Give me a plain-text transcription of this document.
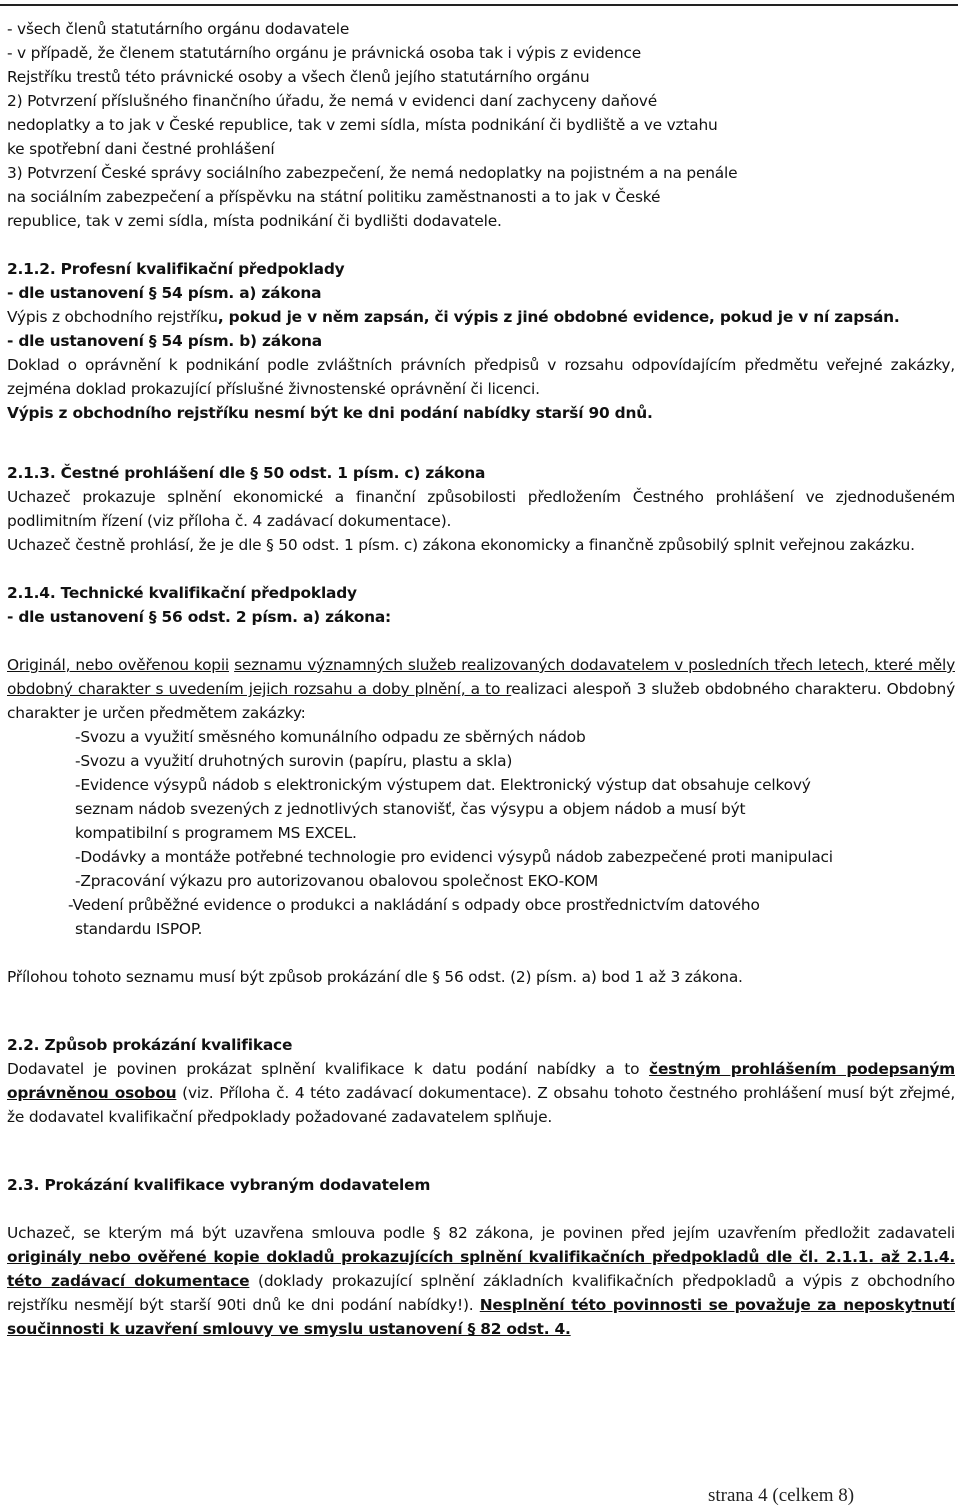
- všech členů statutárního orgánu dodavatele

- v případě, že členem statutárního orgánu je právnická osoba tak i výpis z evidence

Rejstříku trestů této právnické osoby a všech členů jejího statutárního orgánu

2) Potvrzení příslušného finančního úřadu, že nemá v evidenci daní zachyceny daňové

nedoplatky a to jak v České republice, tak v zemi sídla, místa podnikání či bydliště a ve vztahu

ke spotřební dani čestné prohlášení

3) Potvrzení České správy sociálního zabezpečení, že nemá nedoplatky na pojistném a na penále

na sociálním zabezpečení a příspěvku na státní politiku zaměstnanosti a to jak v České

republice, tak v zemi sídla, místa podnikání či bydlišti dodavatele.

2.1.2. Profesní kvalifikační předpoklady

- dle ustanovení § 54 písm. a) zákona

Výpis z obchodního rejstříku, pokud je v něm zapsán, či výpis z jiné obdobné evidence, pokud je v ní zapsán.

- dle ustanovení § 54 písm. b) zákona

Doklad o oprávnění k podnikání podle zvláštních právních předpisů v rozsahu odpovídajícím předmětu veřejné zakázky, zejména doklad prokazující příslušné živnostenské oprávnění či licenci.

Výpis z obchodního rejstříku nesmí být ke dni podání nabídky starší 90 dnů.

2.1.3. Čestné prohlášení dle § 50 odst. 1 písm. c) zákona

Uchazeč prokazuje splnění ekonomické a finanční způsobilosti předložením Čestného prohlášení ve zjednodušeném podlimitním řízení (viz příloha č. 4 zadávací dokumentace).

Uchazeč čestně prohlásí, že je dle § 50 odst. 1 písm. c) zákona ekonomicky a finančně způsobilý splnit veřejnou zakázku.

2.1.4. Technické kvalifikační předpoklady

- dle ustanovení § 56 odst. 2 písm. a) zákona:

Originál, nebo ověřenou kopii seznamu významných služeb realizovaných dodavatelem v posledních třech letech, které měly obdobný charakter s uvedením jejich rozsahu a doby plnění, a to realizaci alespoň 3 služeb obdobného charakteru. Obdobný charakter je určen předmětem zakázky:

-Svozu a využití směsného komunálního odpadu ze sběrných nádob

-Svozu a využití druhotných surovin (papíru, plastu a skla)

-Evidence výsypů nádob s elektronickým výstupem dat. Elektronický výstup dat obsahuje celkový

seznam nádob svezených z jednotlivých stanovišť, čas výsypu a objem nádob a musí být

kompatibilní s programem MS EXCEL.

-Dodávky a montáže potřebné technologie pro evidenci výsypů nádob zabezpečené proti manipulaci

-Zpracování výkazu pro autorizovanou obalovou společnost EKO-KOM

-Vedení průběžné evidence o produkci a nakládání s odpady obce prostřednictvím datového

standardu ISPOP.

Přílohou tohoto seznamu musí být způsob prokázání dle § 56 odst. (2) písm. a) bod 1 až 3 zákona.

2.2. Způsob prokázání kvalifikace

Dodavatel je povinen prokázat splnění kvalifikace k datu podání nabídky a to čestným prohlášením podepsaným oprávněnou osobou (viz. Příloha č. 4 této zadávací dokumentace). Z obsahu tohoto čestného prohlášení musí být zřejmé, že dodavatel kvalifikační předpoklady požadované zadavatelem splňuje.

2.3. Prokázání kvalifikace vybraným dodavatelem

Uchazeč, se kterým má být uzavřena smlouva podle § 82 zákona, je povinen před jejím uzavřením předložit zadavateli originály nebo ověřené kopie dokladů prokazujících splnění kvalifikačních předpokladů dle čl. 2.1.1. až 2.1.4. této zadávací dokumentace (doklady prokazující splnění základních kvalifikačních předpokladů a výpis z obchodního rejstříku nesmějí být starší 90ti dnů ke dni podání nabídky!). Nesplnění této povinnosti se považuje za neposkytnutí součinnosti k uzavření smlouvy ve smyslu ustanovení § 82 odst. 4.

strana 4 (celkem 8)
